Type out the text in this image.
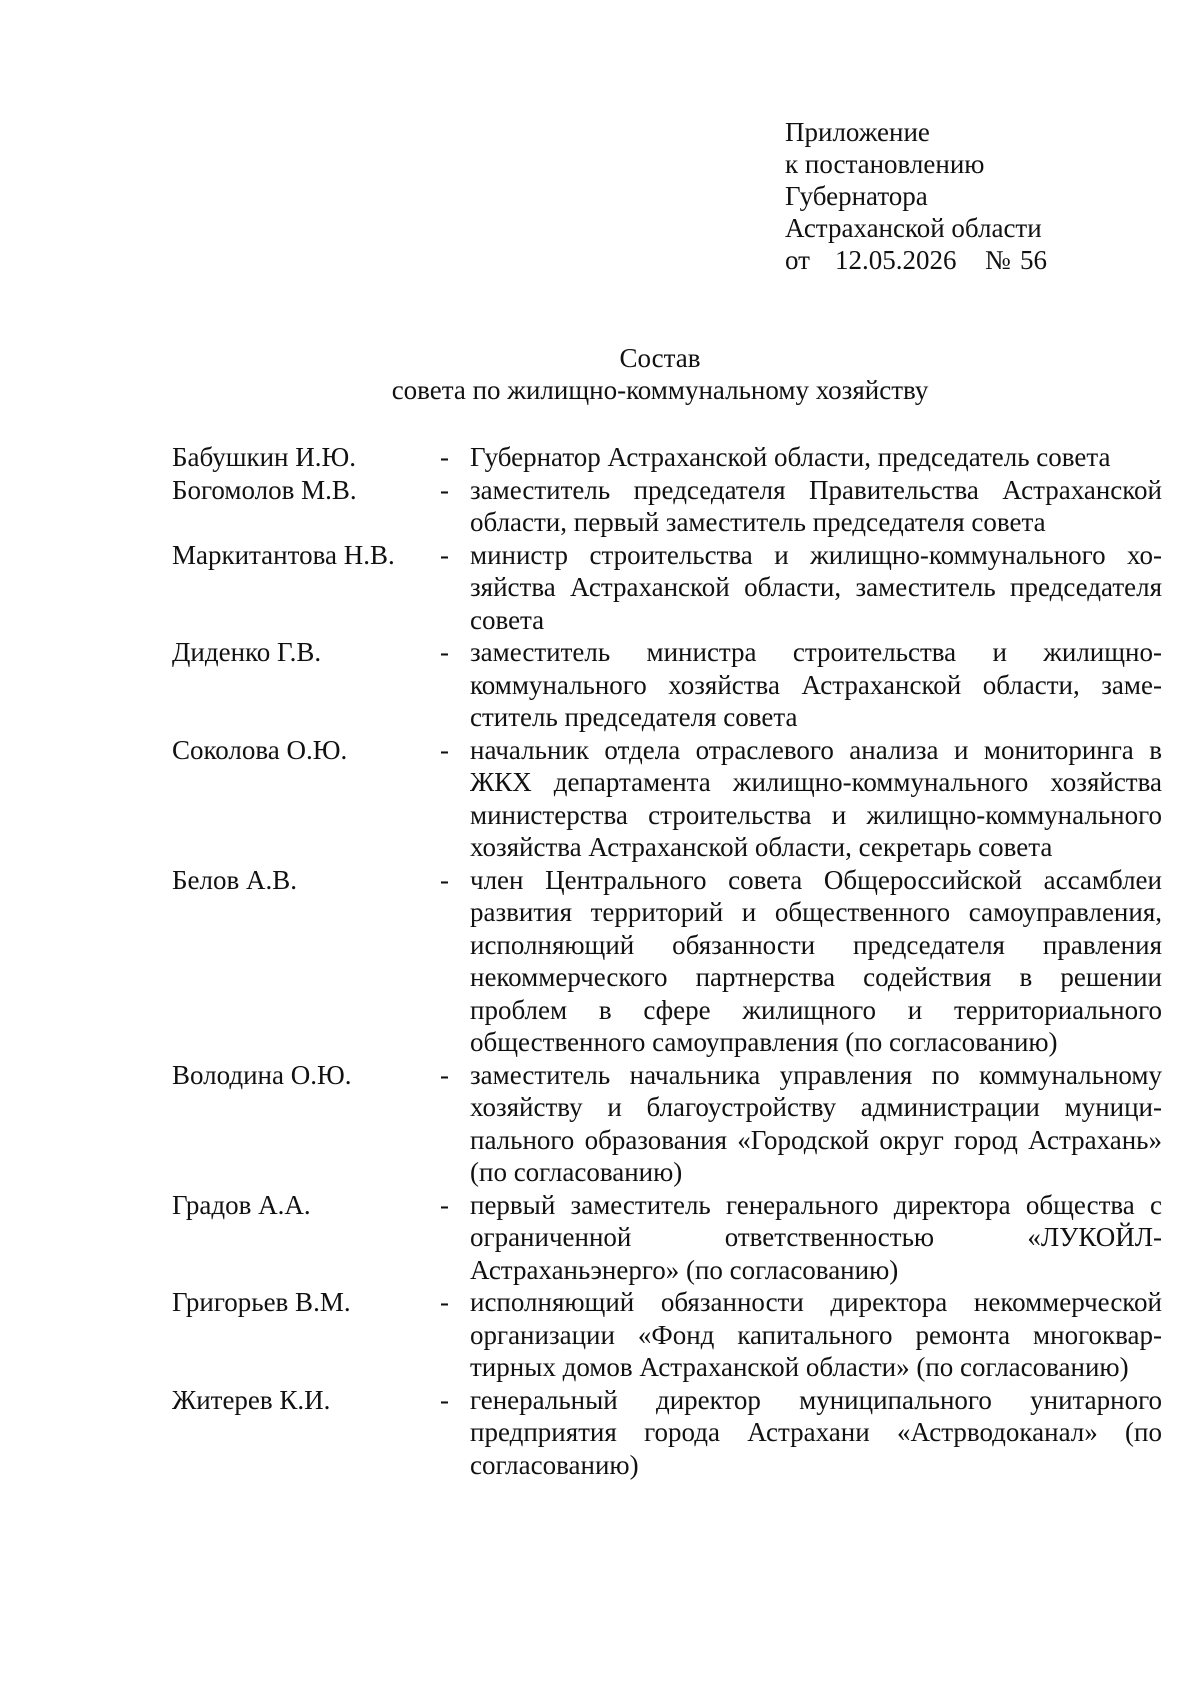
Приложение
к постановлению
Губернатора
Астраханской области
от 12.05.2026	№ 56
Состав
совета по жилищно-коммунальному хозяйству
Бабушкин И.Ю.	- Губернатор Астраханской области, председатель совета
Богомолов М.В.	- заместитель председателя Правительства Астраханской области, первый заместитель председателя совета
Маркитантова Н.В.	- министр строительства и жилищно-коммунального хозяйства Астраханской области, заместитель председателя совета
Диденко Г.В.	- заместитель министра строительства и жилищно-коммунального хозяйства Астраханской области, заместитель председателя совета
Соколова О.Ю.	- начальник отдела отраслевого анализа и мониторинга в ЖКХ департамента жилищно-коммунального хозяйства министерства строительства и жилищно-коммунального хозяйства Астраханской области, секретарь совета
Белов А.В.	- член Центрального совета Общероссийской ассамблеи развития территорий и общественного самоуправления, исполняющий обязанности председателя правления некоммерческого партнерства содействия в решении проблем в сфере жилищного и территориального общественного самоуправления (по согласованию)
Володина О.Ю.	- заместитель начальника управления по коммунальному хозяйству и благоустройству администрации муниципального образования «Городской округ город Астрахань» (по согласованию)
Градов А.А.	- первый заместитель генерального директора общества с ограниченной ответственностью «ЛУКОЙЛ-Астраханьэнерго» (по согласованию)
Григорьев В.М.	- исполняющий обязанности директора некоммерческой организации «Фонд капитального ремонта многоквартирных домов Астраханской области» (по согласованию)
Житерев К.И.	- генеральный директор муниципального унитарного предприятия города Астрахани «Астрводоканал» (по согласованию)
